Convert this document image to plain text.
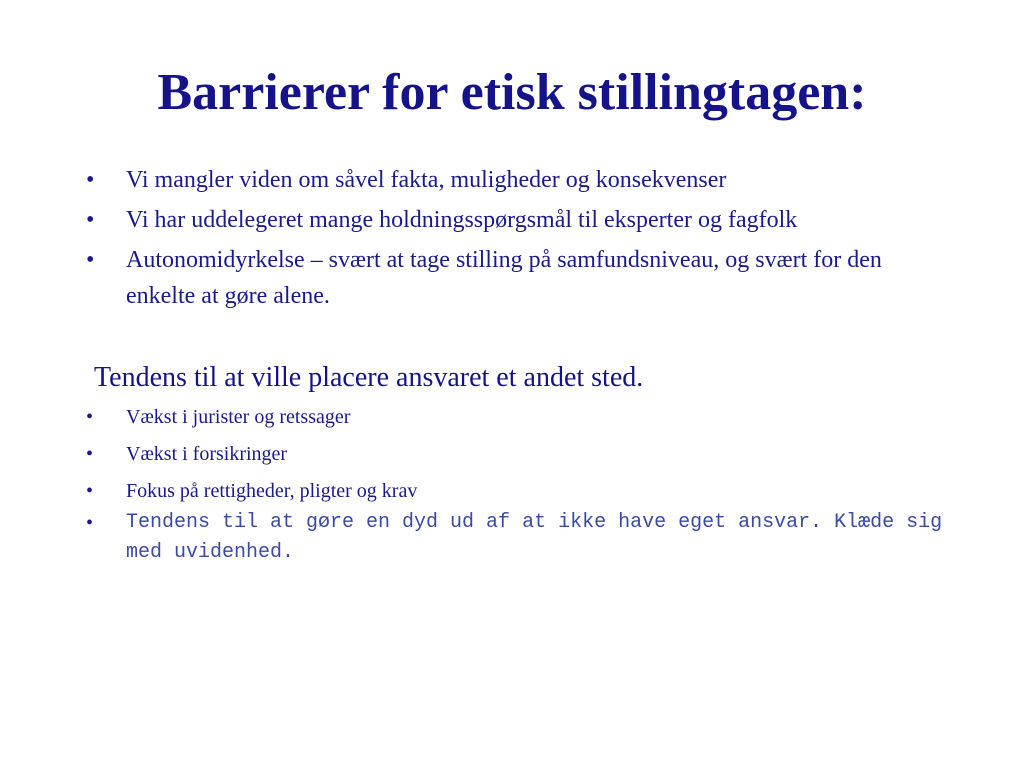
Barrierer for etisk stillingtagen:
• Vi mangler viden om såvel fakta, muligheder og konsekvenser
• Vi har uddelegeret mange holdningsspørgsmål til eksperter og fagfolk
• Autonomidyrkelse – svært at tage stilling på samfundsniveau, og svært for den enkelte at gøre alene.
Tendens til at ville placere ansvaret et andet sted.
• Vækst i jurister og retssager
• Vækst i forsikringer
• Fokus på rettigheder, pligter og krav
• Tendens til at gøre en dyd ud af at ikke have eget ansvar. Klæde sig med uvidenhed.
